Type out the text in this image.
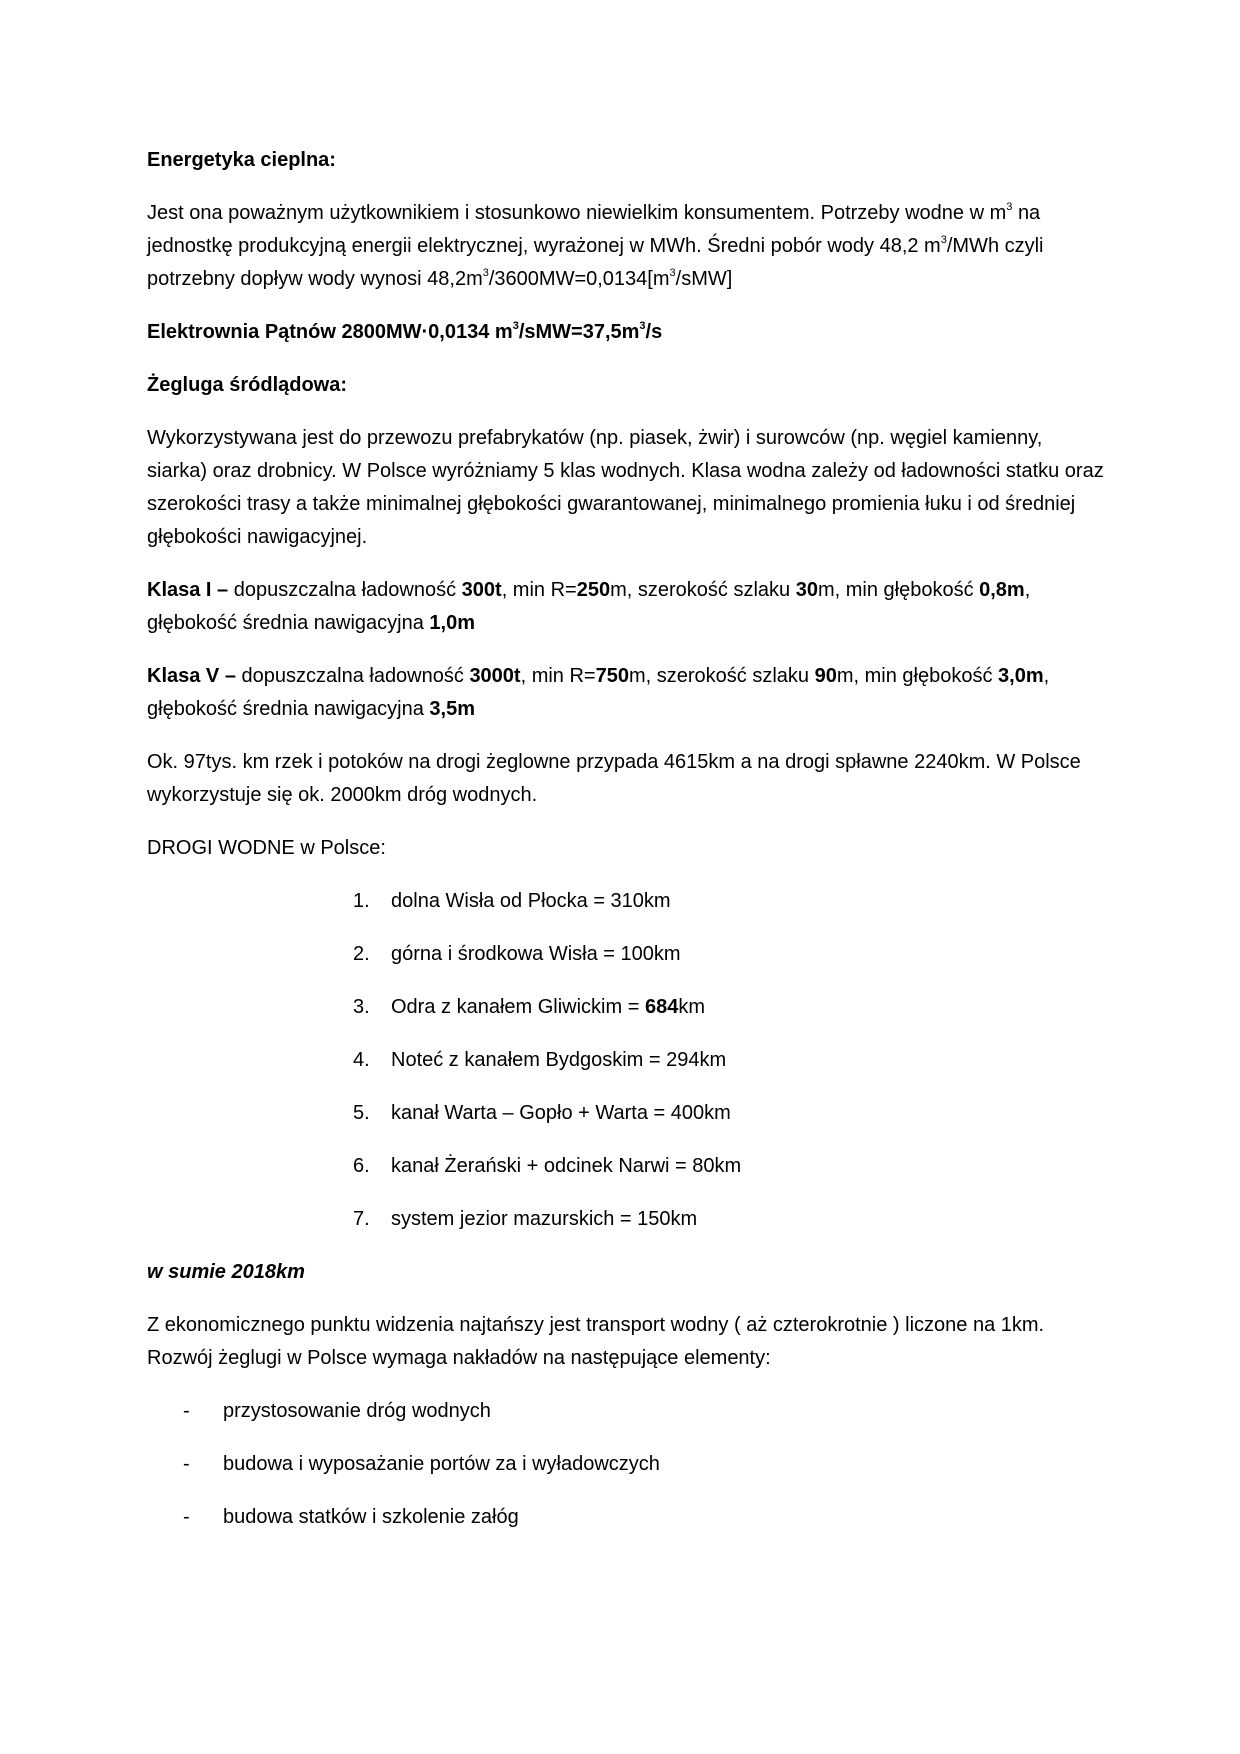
Energetyka cieplna:

Jest ona poważnym użytkownikiem i stosunkowo niewielkim konsumentem. Potrzeby wodne w $m^3$ na jednostkę produkcyjną energii elektrycznej, wyrażonej w MWh. Średni pobór wody 48,2 $m^3$/MWh czyli potrzebny dopływ wody wynosi $48,2m^3/3600MW=0,0134[m^3/sMW]$

Elektrownia Pątnów 2800MW·0,0134 $m^3/sMW=37,5m^3/s$

Żegluga śródlądowa:

Wykorzystywana jest do przewozu prefabrykatów (np. piasek, żwir) i surowców (np. węgiel kamienny, siarka) oraz drobnicy. W Polsce wyróżniamy 5 klas wodnych. Klasa wodna zależy od ładowności statku oraz szerokości trasy a także minimalnej głębokości gwarantowanej, minimalnego promienia łuku i od średniej głębokości nawigacyjnej.

Klasa I – dopuszczalna ładowność 300t, min R=250m, szerokość szlaku 30m, min głębokość 0,8m, głębokość średnia nawigacyjna 1,0m

Klasa V – dopuszczalna ładowność 3000t, min R=750m, szerokość szlaku 90m, min głębokość 3,0m, głębokość średnia nawigacyjna 3,5m

Ok. 97tys. km rzek i potoków na drogi żeglowne przypada 4615km a na drogi spławne 2240km. W Polsce wykorzystuje się ok. 2000km dróg wodnych.

DROGI WODNE w Polsce:

1. dolna Wisła od Płocka = 310km
2. górna i środkowa Wisła = 100km
3. Odra z kanałem Gliwickim = 684km
4. Noteć z kanałem Bydgoskim = 294km
5. kanał Warta – Gopło + Warta = 400km
6. kanał Żerański + odcinek Narwi = 80km
7. system jezior mazurskich = 150km

w sumie 2018km

Z ekonomicznego punktu widzenia najtańszy jest transport wodny ( aż czterokrotnie ) liczone na 1km. Rozwój żeglugi w Polsce wymaga nakładów na następujące elementy:

- przystosowanie dróg wodnych
- budowa i wyposażanie portów za i wyładowczych
- budowa statków i szkolenie załóg
